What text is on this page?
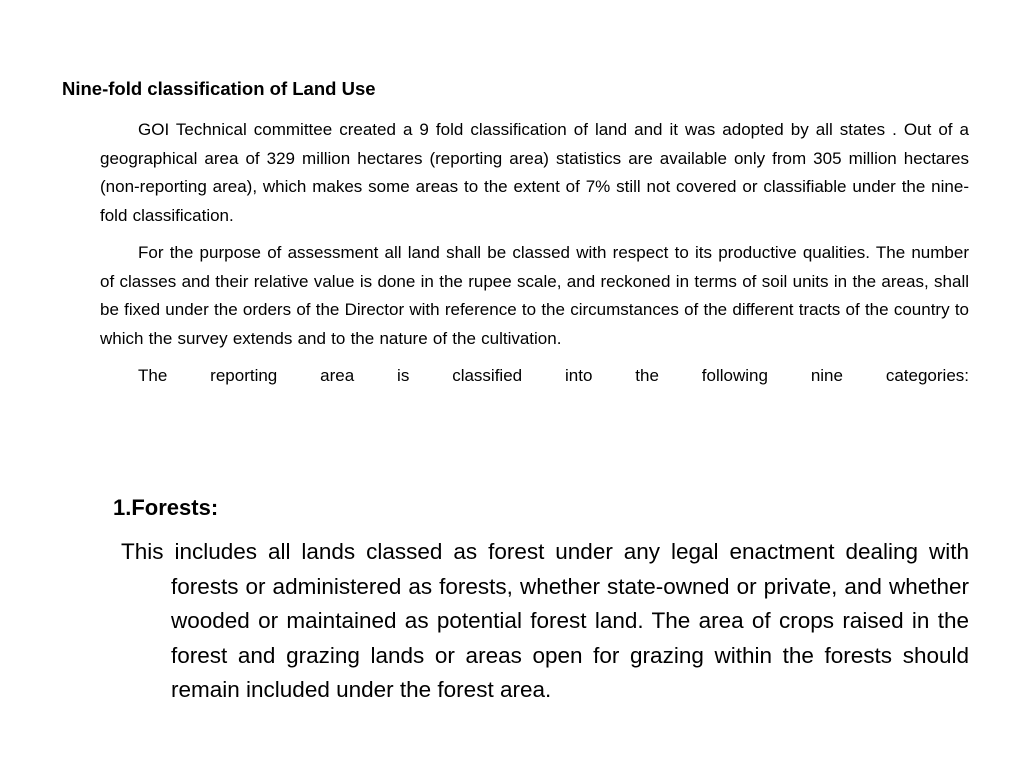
Nine-fold classification of Land Use

GOI Technical committee created a 9 fold classification of land and it was adopted by all states . Out of a geographical area of 329 million hectares (reporting area) statistics are available only from 305 million hectares (non-reporting area), which makes some areas to the extent of 7% still not covered or classifiable under the nine-fold classification.

For the purpose of assessment all land shall be classed with respect to its productive qualities. The number of classes and their relative value is done in the rupee scale, and reckoned in terms of soil units in the areas, shall be fixed under the orders of the Director with reference to the circumstances of the different tracts of the country to which the survey extends and to the nature of the cultivation.

The reporting area is classified into the following nine categories:

1.Forests:

This includes all lands classed as forest under any legal enactment dealing with forests or administered as forests, whether state-owned or private, and whether wooded or maintained as potential forest land. The area of crops raised in the forest and grazing lands or areas open for grazing within the forests should remain included under the forest area.
